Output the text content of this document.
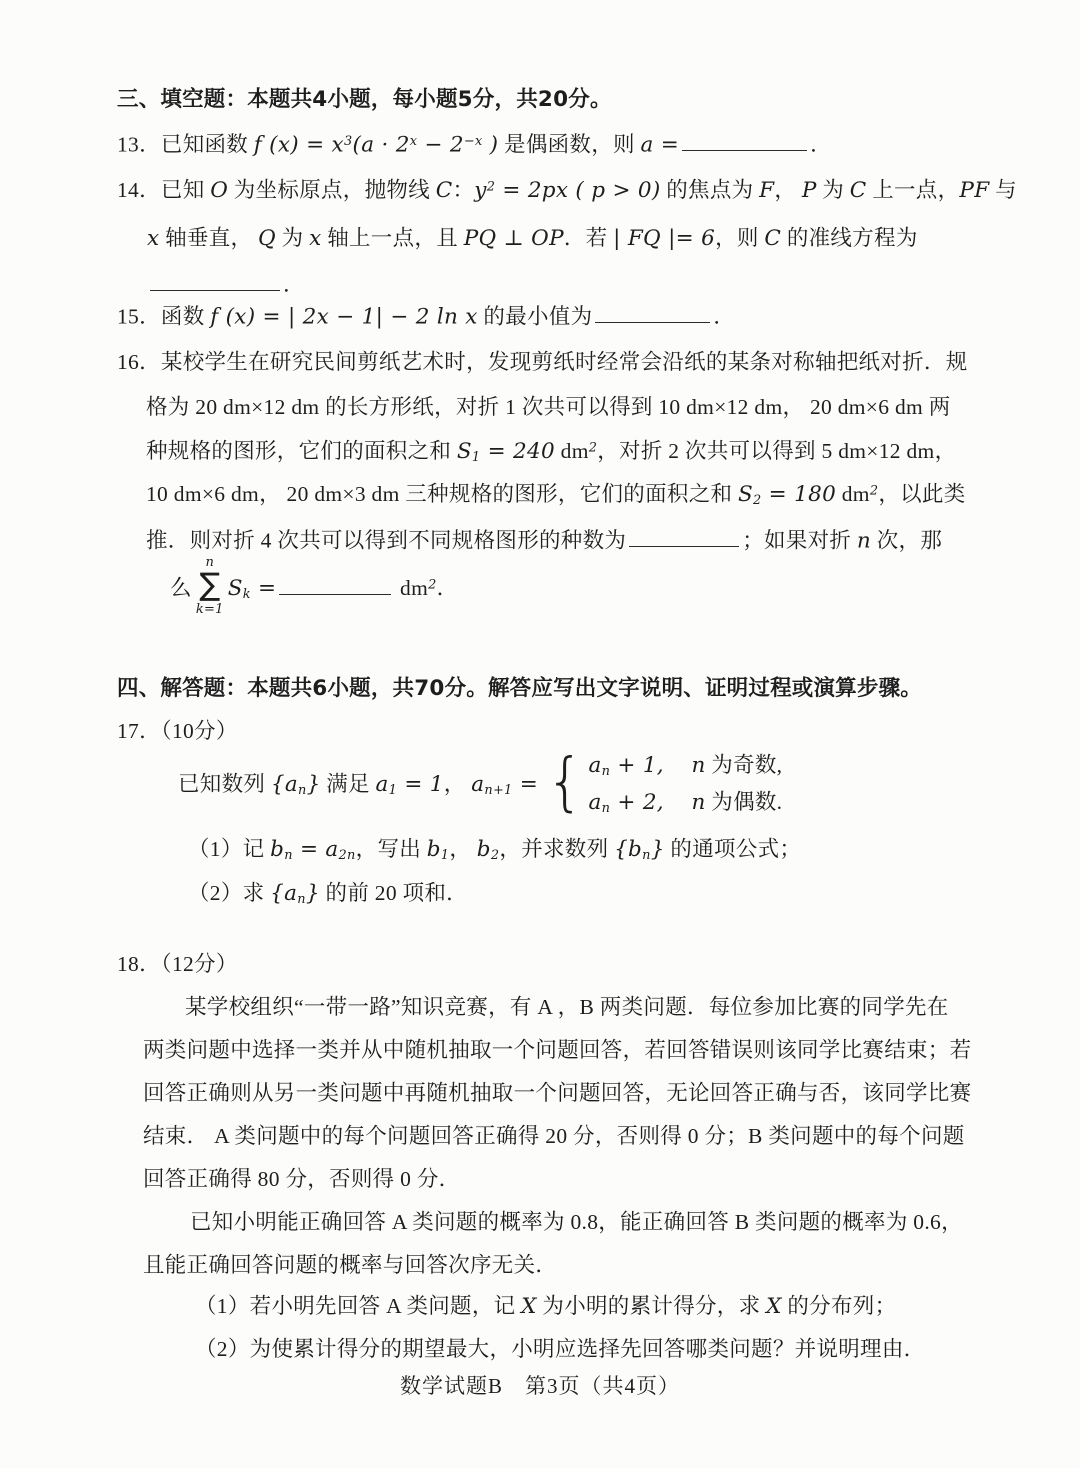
三、填空题：本题共4小题，每小题5分，共20分。
13．已知函数 f $(x) = x^3(a \cdot 2^x - 2^{-x}$ ) 是偶函数，则 a =	．
14．已知 O 为坐标原点，抛物线 C：$y^2 = 2px$ ( p > 0) 的焦点为 F， P 为 C 上一点，PF 与
x 轴垂直， Q 为 x 轴上一点，且 PQ ⊥ OP．若 | FQ |= 6，则 C 的准线方程为
．
15．函数 f (x) = | 2x − 1| − 2 ln x 的最小值为	．
16．某校学生在研究民间剪纸艺术时，发现剪纸时经常会沿纸的某条对称轴把纸对折．规
格为 20 dm×12 dm 的长方形纸，对折 1 次共可以得到 10 dm×12 dm， 20 dm×6 dm 两
种规格的图形，它们的面积之和 $S_1 = 240$ $dm^2$，对折 2 次共可以得到 5 dm×12 dm，
10 dm×6 dm， 20 dm×3 dm 三种规格的图形，它们的面积之和 $S_2 = 180$ $dm^2$，以此类
推．则对折 4 次共可以得到不同规格图形的种数为	；如果对折 n 次，那
么
n
∑
k=1
$S_k$ =	$dm^2$．
四、解答题：本题共6小题，共70分。解答应写出文字说明、证明过程或演算步骤。
17．（10分）
已知数列 $\{a_n\}$ 满足 $a_1 = 1$， $a_{n+1}$ = { $a_n + 1$,　 n 为奇数,
$a_n + 2$,　 n 为偶数.
（1）记 $b_n = a_{2n}$，写出 $b_1$， $b_2$，并求数列 $\{b_n\}$ 的通项公式；
（2）求 $\{a_n\}$ 的前 20 项和．
18．（12分）
某学校组织“一带一路”知识竞赛，有 A ，B 两类问题．每位参加比赛的同学先在
两类问题中选择一类并从中随机抽取一个问题回答，若回答错误则该同学比赛结束；若
回答正确则从另一类问题中再随机抽取一个问题回答，无论回答正确与否，该同学比赛
结束． A 类问题中的每个问题回答正确得 20 分，否则得 0 分；B 类问题中的每个问题
回答正确得 80 分，否则得 0 分．
已知小明能正确回答 A 类问题的概率为 0.8，能正确回答 B 类问题的概率为 0.6，
且能正确回答问题的概率与回答次序无关．
（1）若小明先回答 A 类问题，记 X 为小明的累计得分，求 X 的分布列；
（2）为使累计得分的期望最大，小明应选择先回答哪类问题？并说明理由．
数学试题B　第3页（共4页）
